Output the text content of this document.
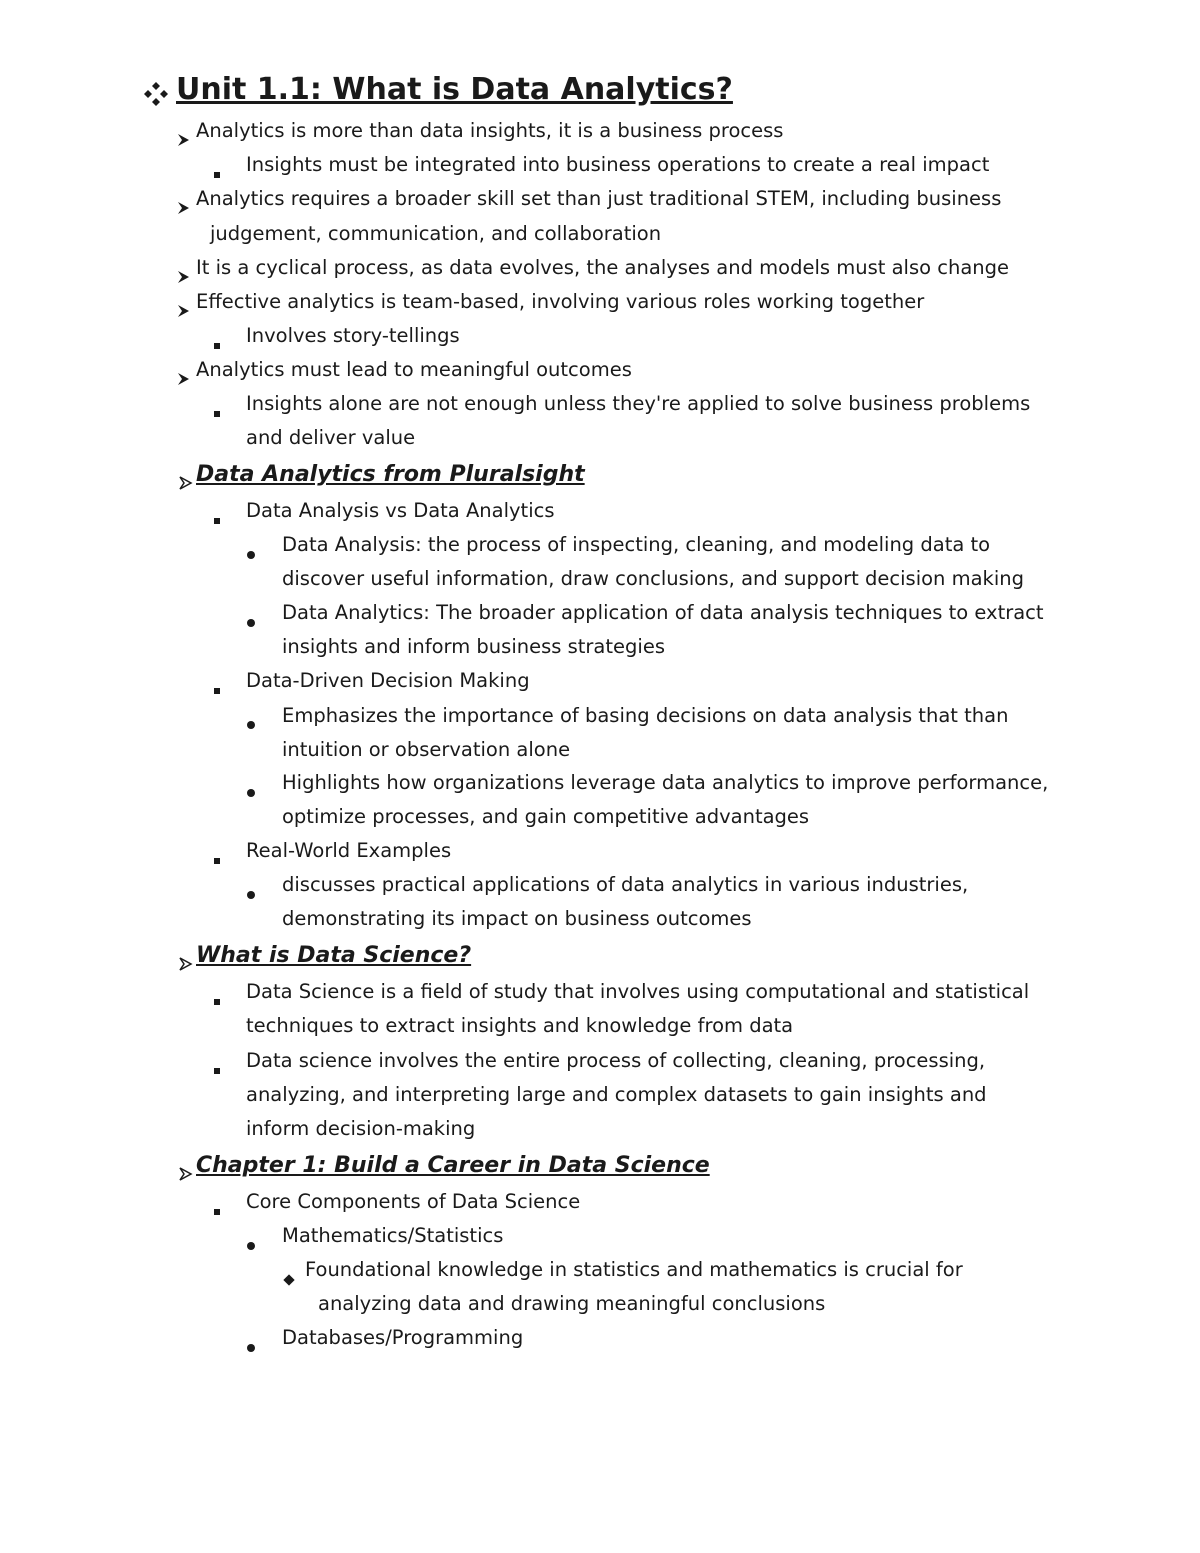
Unit 1.1: What is Data Analytics?
Analytics is more than data insights, it is a business process
Insights must be integrated into business operations to create a real impact
Analytics requires a broader skill set than just traditional STEM, including business
judgement, communication, and collaboration
It is a cyclical process, as data evolves, the analyses and models must also change
Effective analytics is team-based, involving various roles working together
Involves story-tellings
Analytics must lead to meaningful outcomes
Insights alone are not enough unless they're applied to solve business problems
and deliver value
Data Analytics from Pluralsight
Data Analysis vs Data Analytics
Data Analysis: the process of inspecting, cleaning, and modeling data to
discover useful information, draw conclusions, and support decision making
Data Analytics: The broader application of data analysis techniques to extract
insights and inform business strategies
Data-Driven Decision Making
Emphasizes the importance of basing decisions on data analysis that than
intuition or observation alone
Highlights how organizations leverage data analytics to improve performance,
optimize processes, and gain competitive advantages
Real-World Examples
discusses practical applications of data analytics in various industries,
demonstrating its impact on business outcomes
What is Data Science?
Data Science is a field of study that involves using computational and statistical
techniques to extract insights and knowledge from data
Data science involves the entire process of collecting, cleaning, processing,
analyzing, and interpreting large and complex datasets to gain insights and
inform decision-making
Chapter 1: Build a Career in Data Science
Core Components of Data Science
Mathematics/Statistics
Foundational knowledge in statistics and mathematics is crucial for
analyzing data and drawing meaningful conclusions
Databases/Programming
